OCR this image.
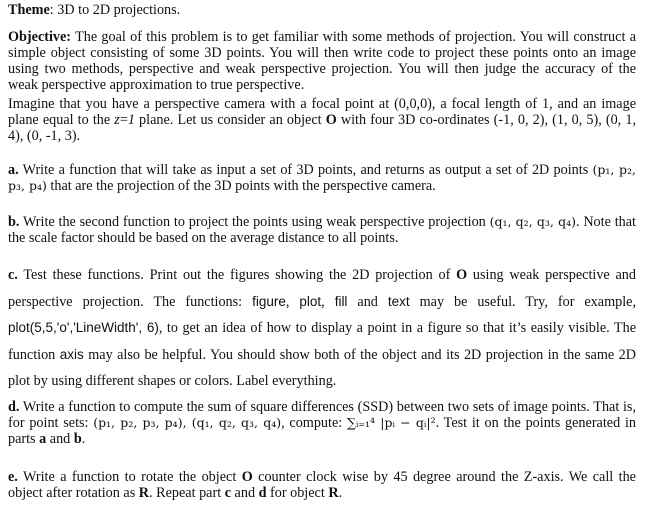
Theme: 3D to 2D projections.

Objective: The goal of this problem is to get familiar with some methods of projection. You will construct a simple object consisting of some 3D points. You will then write code to project these points onto an image using two methods, perspective and weak perspective projection. You will then judge the accuracy of the weak perspective approximation to true perspective.

Imagine that you have a perspective camera with a focal point at (0,0,0), a focal length of 1, and an image plane equal to the z=1 plane. Let us consider an object O with four 3D co-ordinates (-1, 0, 2), (1, 0, 5), (0, 1, 4), (0, -1, 3).

a. Write a function that will take as input a set of 3D points, and returns as output a set of 2D points (p₁, p₂, p₃, p₄) that are the projection of the 3D points with the perspective camera.

b. Write the second function to project the points using weak perspective projection (q₁, q₂, q₃, q₄). Note that the scale factor should be based on the average distance to all points.

c. Test these functions. Print out the figures showing the 2D projection of O using weak perspective and perspective projection. The functions: figure, plot, fill and text may be useful. Try, for example, plot(5,5,'o','LineWidth', 6), to get an idea of how to display a point in a figure so that it’s easily visible. The function axis may also be helpful. You should show both of the object and its 2D projection in the same 2D plot by using different shapes or colors. Label everything.

d. Write a function to compute the sum of square differences (SSD) between two sets of image points. That is, for point sets: (p₁, p₂, p₃, p₄), (q₁, q₂, q₃, q₄), compute: ∑ᵢ₌₁⁴ |pᵢ − qᵢ|². Test it on the points generated in parts a and b.

e. Write a function to rotate the object O counter clock wise by 45 degree around the Z-axis. We call the object after rotation as R. Repeat part c and d for object R.
